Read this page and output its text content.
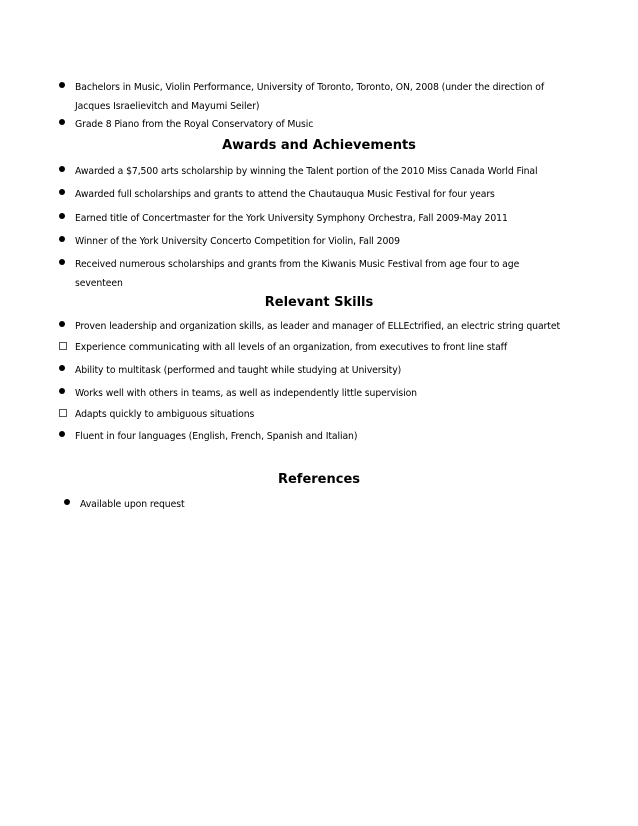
Bachelors in Music, Violin Performance, University of Toronto, Toronto, ON, 2008 (under the direction of Jacques Israelievitch and Mayumi Seiler)
Grade 8 Piano from the Royal Conservatory of Music
Awards and Achievements
Awarded a $7,500 arts scholarship by winning the Talent portion of the 2010 Miss Canada World Final
Awarded full scholarships and grants to attend the Chautauqua Music Festival for four years
Earned title of Concertmaster for the York University Symphony Orchestra, Fall 2009-May 2011
Winner of the York University Concerto Competition for Violin, Fall 2009
Received numerous scholarships and grants from the Kiwanis Music Festival from age four to age seventeen
Relevant Skills
Proven leadership and organization skills, as leader and manager of ELLEctrified, an electric string quartet
Experience communicating with all levels of an organization, from executives to front line staff
Ability to multitask (performed and taught while studying at University)
Works well with others in teams, as well as independently little supervision
Adapts quickly to ambiguous situations
Fluent in four languages (English, French, Spanish and Italian)
References
Available upon request
